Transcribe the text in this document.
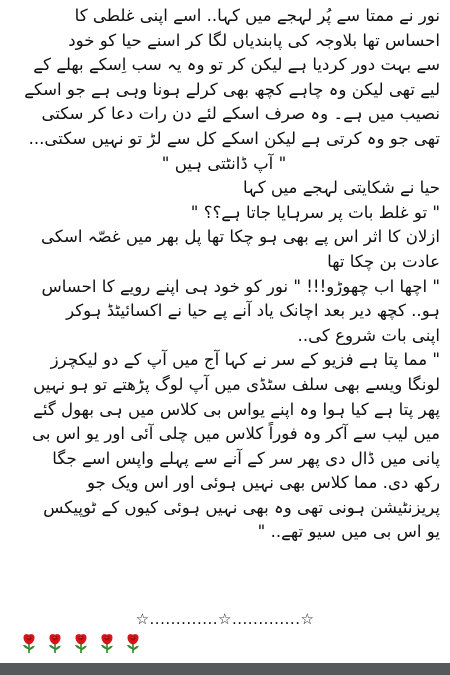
نور نے ممتا سے پُر لہجے میں کہا.. اسے اپنی غلطی کا
احساس تھا بلاوجہ کی پابندیاں لگا کر اسنے حیا کو خود
سے بہت دور کردیا ہے لیکن کر تو وہ یہ سب اِسکے بھلے کے
لیے تھی لیکن وہ چاہے کچھ بھی کرلے ہونا وہی ہے جو اسکے
نصیب میں ہے۔ وہ صرف اسکے لئے دن رات دعا کر سکتی
تھی جو وہ کرتی ہے لیکن اسکے کل سے لڑ تو نہیں سکتی...
" آپ ڈانٹتی ہیں "
حیا نے شکایتی لہجے میں کہا
" تو غلط بات پر سرہایا جاتا ہے؟؟ "
ازلان کا اثر اس پے بھی ہو چکا تھا پل بھر میں غصّہ اسکی
عادت بن چکا تھا
" اچھا اب چھوڑو!!! " نور کو خود ہی اپنے رویے کا احساس
ہو.. کچھ دیر بعد اچانک یاد آنے پے حیا نے اکسائیٹڈ ہوکر
اپنی بات شروع کی..
" مما پتا ہے فزیو کے سر نے کہا آج میں آپ کے دو لیکچرز
لونگا ویسے بھی سلف سٹڈی میں آپ لوگ پڑھتے تو ہو نہیں
پھر پتا ہے کیا ہوا وہ اپنے یواس بی کلاس میں ہی بھول گئے
میں لیب سے آکر وہ فوراً کلاس میں چلی آئی اور یو اس بی
پانی میں ڈال دی پھر سر کے آنے سے پہلے واپس اسے جگا
رکھ دی. مما کلاس بھی نہیں ہوئی اور اس ویک جو
پریزنٹیشن ہونی تھی وہ بھی نہیں ہوئی کیوں کے ٹوپیکس
یو اس بی میں سیو تھے.. "
☆.............☆.............☆
